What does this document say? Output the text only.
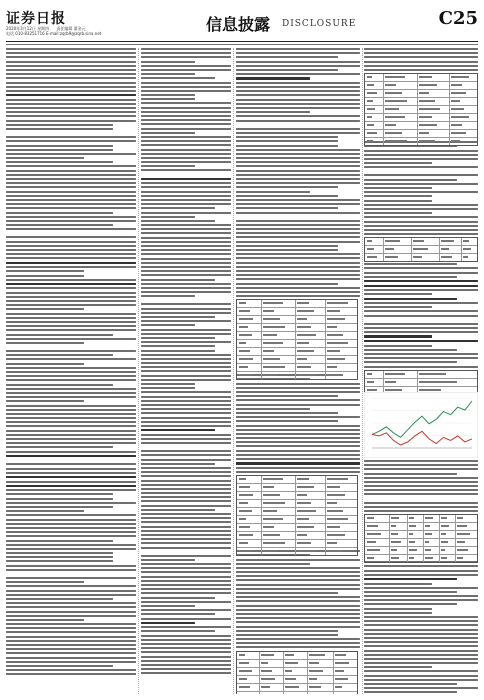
证券日报
2020年3月12日 星期四 责任编辑 董金元
电话 010-83251716 E-mail:zqrb9@zqrb.sina.net	信息披露 DISCLOSURE	C25
